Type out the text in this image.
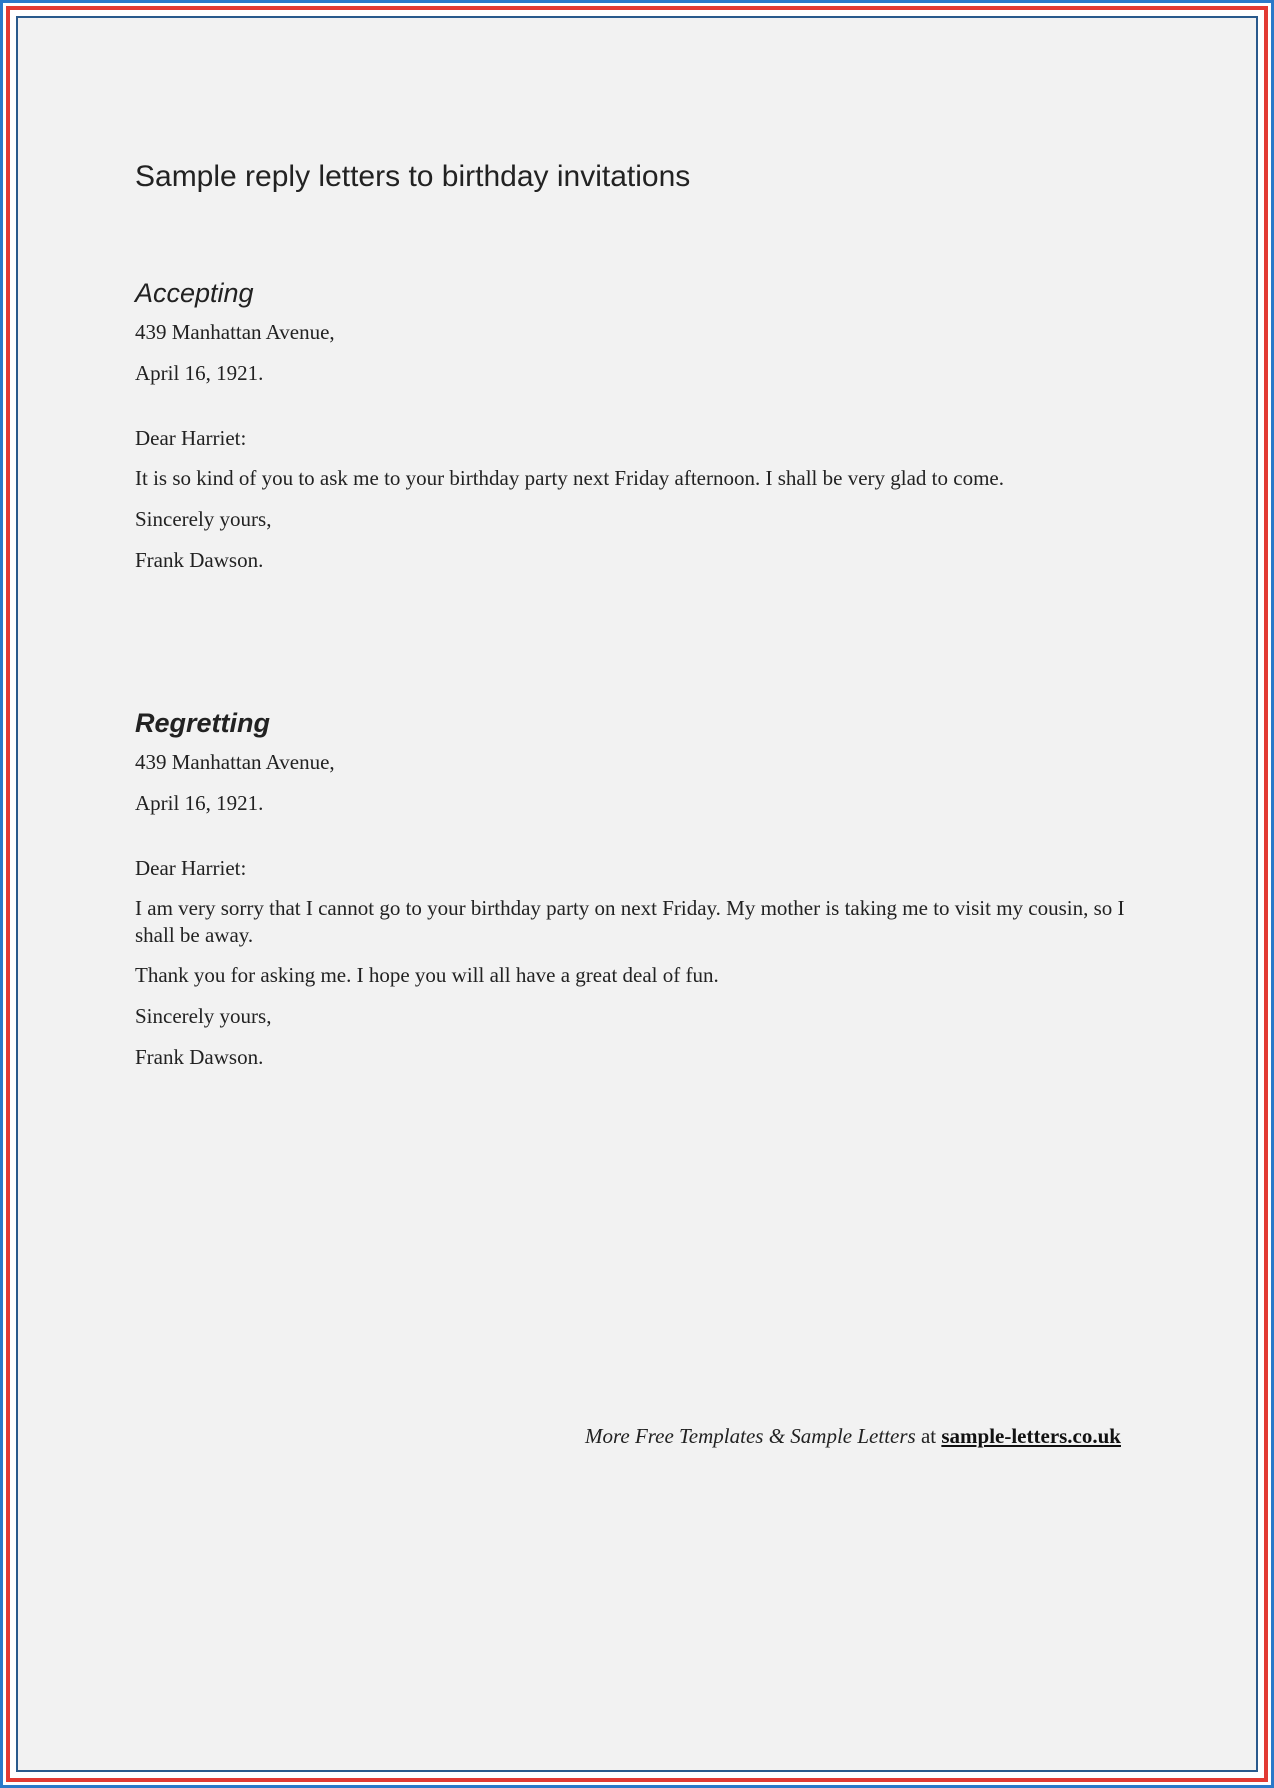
Sample reply letters to birthday invitations
Accepting
439 Manhattan Avenue,
April 16, 1921.
Dear Harriet:
It is so kind of you to ask me to your birthday party next Friday afternoon. I shall be very glad to come.
Sincerely yours,
Frank Dawson.
Regretting
439 Manhattan Avenue,
April 16, 1921.
Dear Harriet:
I am very sorry that I cannot go to your birthday party on next Friday. My mother is taking me to visit my cousin, so I shall be away.
Thank you for asking me. I hope you will all have a great deal of fun.
Sincerely yours,
Frank Dawson.
More Free Templates & Sample Letters at sample-letters.co.uk
